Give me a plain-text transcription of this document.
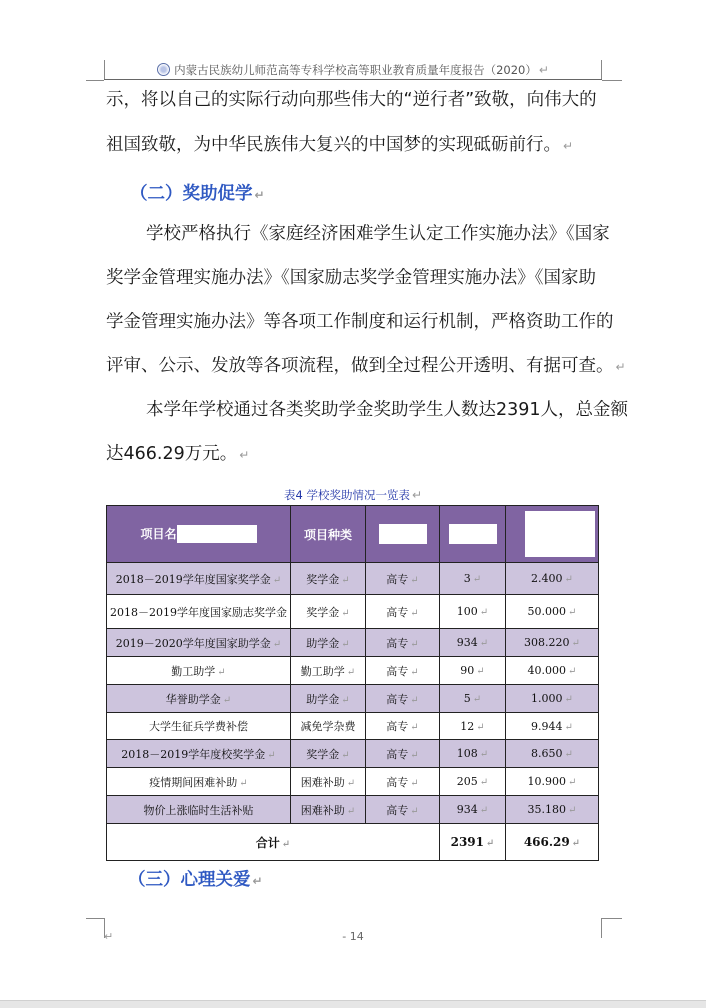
内蒙古民族幼儿师范高等专科学校高等职业教育质量年度报告（2020） ↵
示，将以自己的实际行动向那些伟大的“逆行者”致敬，向伟大的
祖国致敬，为中华民族伟大复兴的中国梦的实现砥砺前行。 ↵
（二）奖助促学 ↵
学校严格执行《家庭经济困难学生认定工作实施办法》《国家
奖学金管理实施办法》《国家励志奖学金管理实施办法》《国家助
学金管理实施办法》等各项工作制度和运行机制，严格资助工作的
评审、公示、发放等各项流程，做到全过程公开透明、有据可查。 ↵
本学年学校通过各类奖助学金奖助学生人数达2391人，总金额
达466.29万元。 ↵
表4 学校奖助情况一览表 ↵
项目名	项目种类			
2018－2019学年度国家奖学金 ↵	奖学金 ↵	高专 ↵	3 ↵	2.400 ↵
2018－2019学年度国家励志奖学金	奖学金 ↵	高专 ↵	100 ↵	50.000 ↵
2019－2020学年度国家助学金 ↵	助学金 ↵	高专 ↵	934 ↵	308.220 ↵
勤工助学 ↵	勤工助学 ↵	高专 ↵	90 ↵	40.000 ↵
华誉助学金 ↵	助学金 ↵	高专 ↵	5 ↵	1.000 ↵
大学生征兵学费补偿	减免学杂费	高专 ↵	12 ↵	9.944 ↵
2018－2019学年度校奖学金 ↵	奖学金 ↵	高专 ↵	108 ↵	8.650 ↵
疫情期间困难补助 ↵	困难补助 ↵	高专 ↵	205 ↵	10.900 ↵
物价上涨临时生活补贴	困难补助 ↵	高专 ↵	934 ↵	35.180 ↵
合计 ↵			2391 ↵	466.29 ↵
（三）心理关爱 ↵
↵	- 14
